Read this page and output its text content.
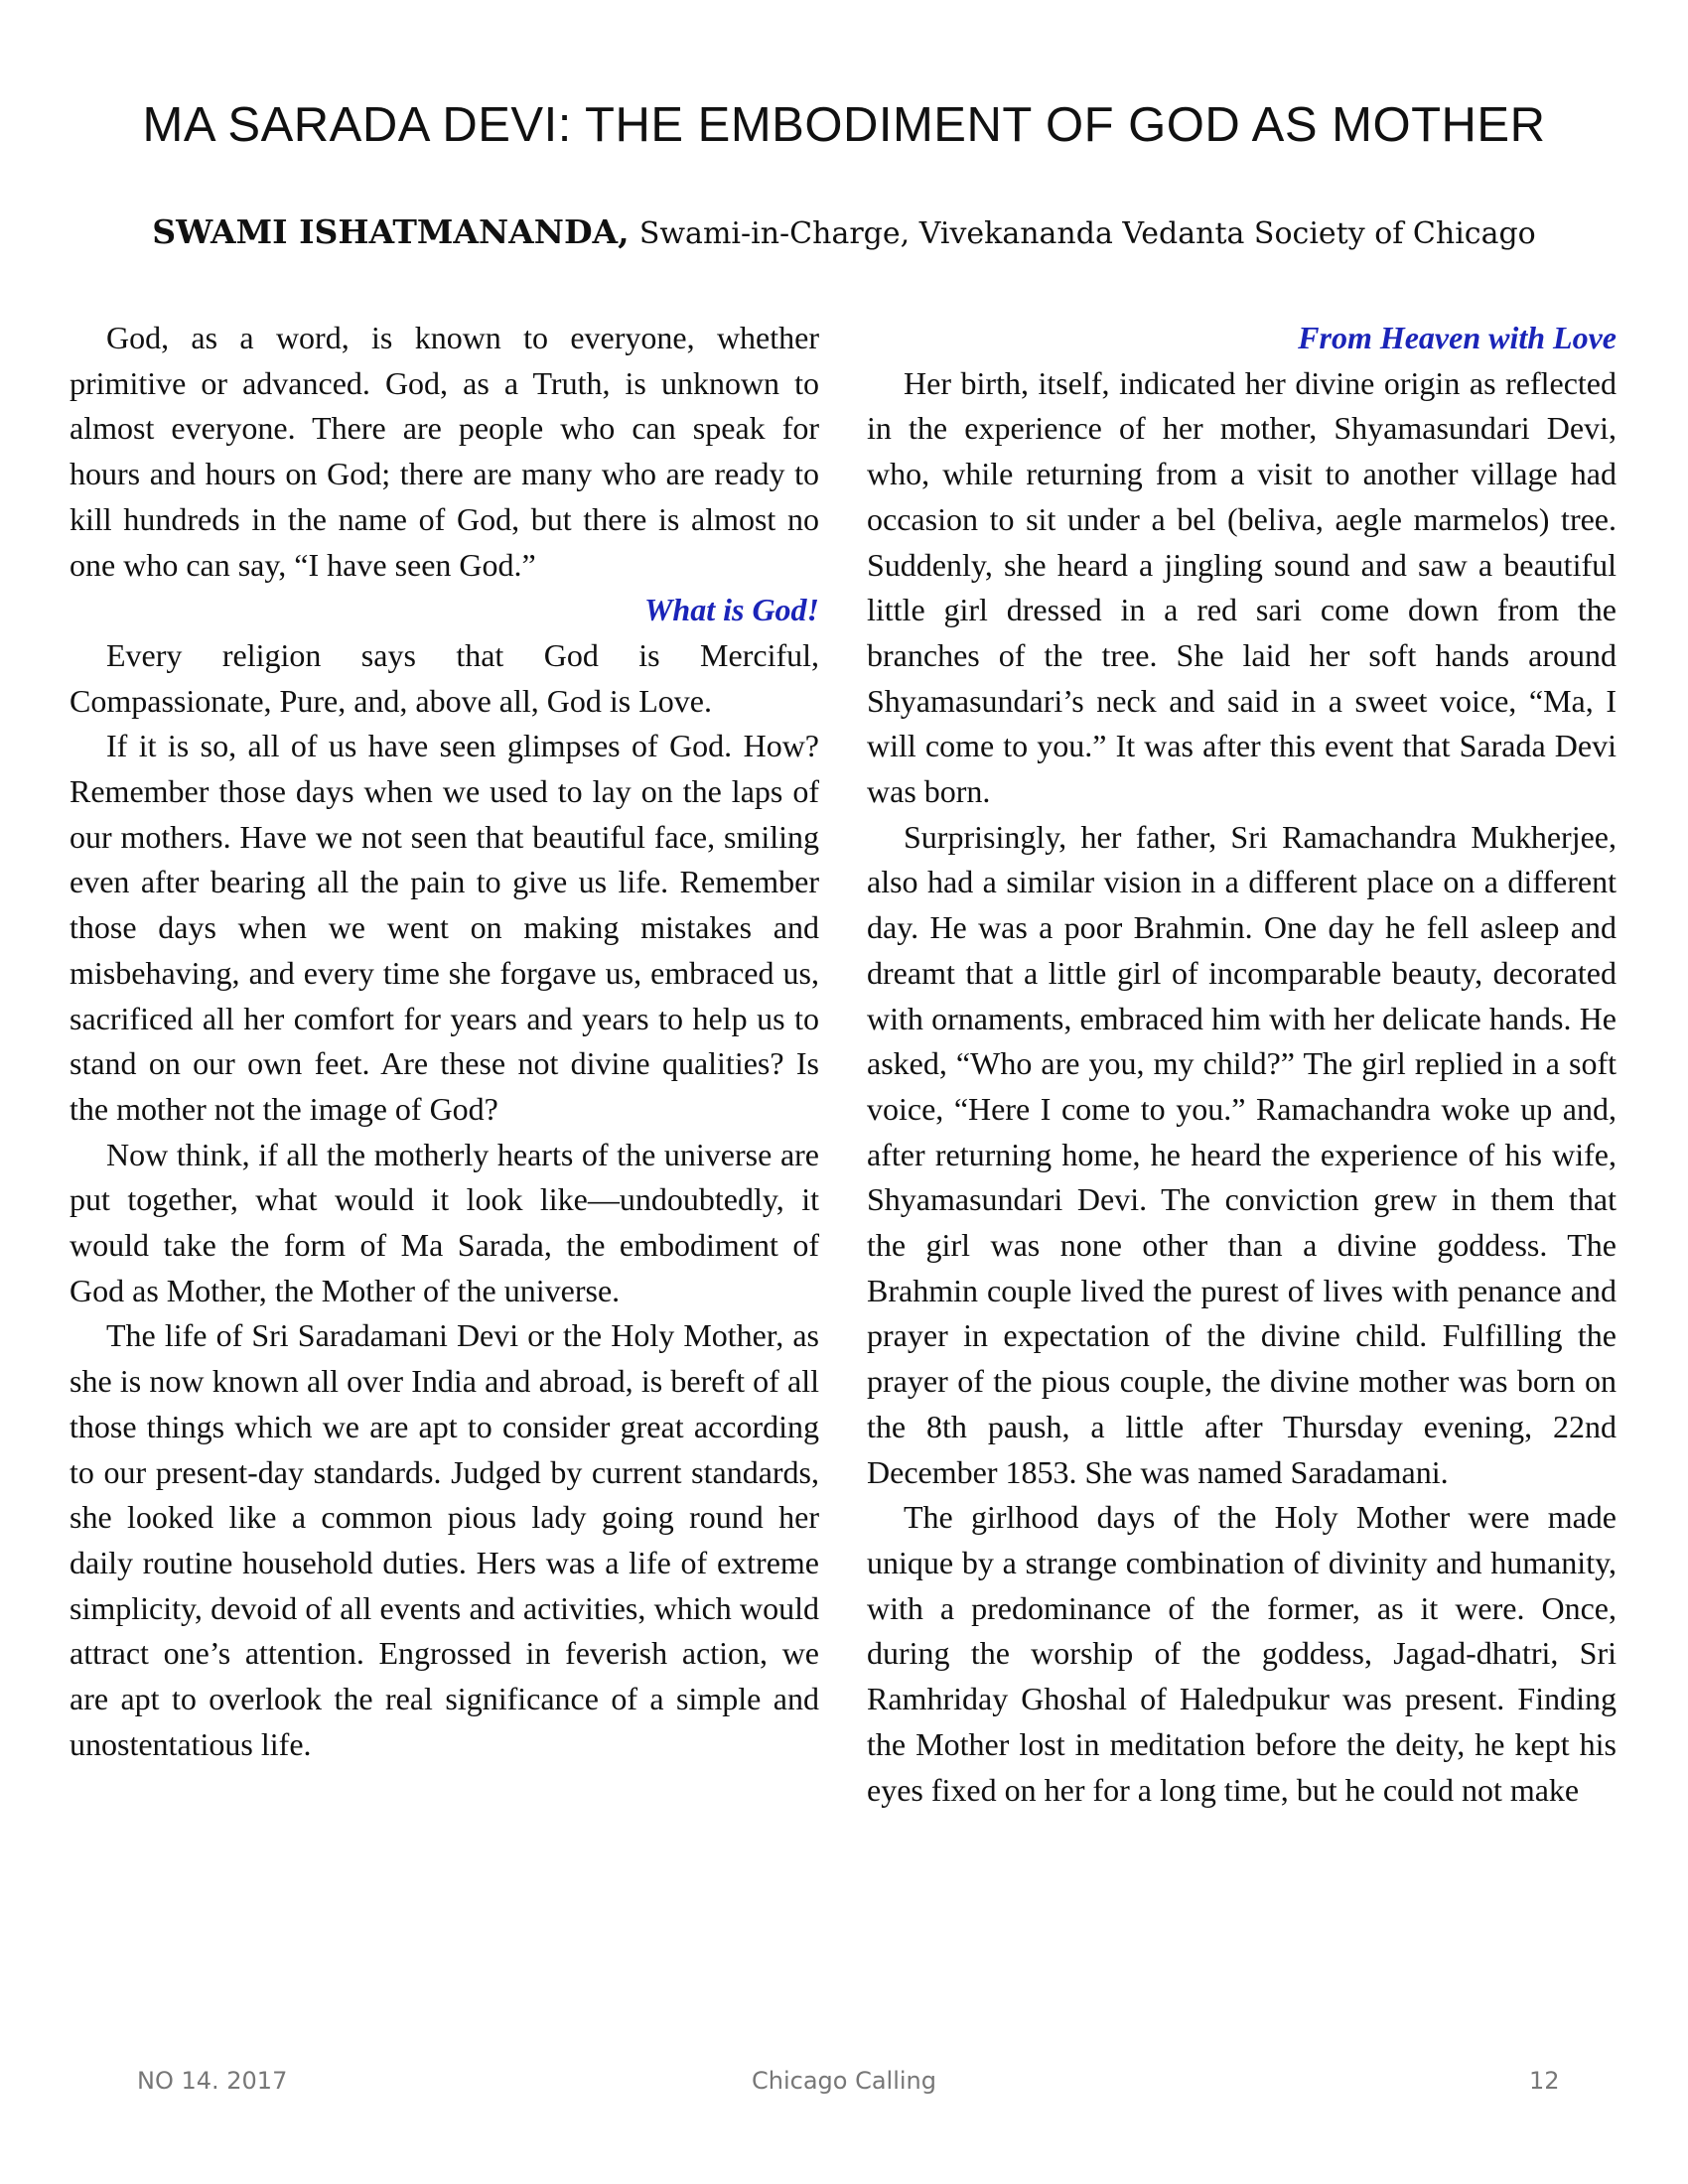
MA SARADA DEVI: THE EMBODIMENT OF GOD AS MOTHER
SWAMI ISHATMANANDA, Swami-in-Charge, Vivekananda Vedanta Society of Chicago

God, as a word, is known to everyone, whether primitive or advanced. God, as a Truth, is unknown to almost everyone. There are people who can speak for hours and hours on God; there are many who are ready to kill hundreds in the name of God, but there is almost no one who can say, “I have seen God.”

What is God!

Every religion says that God is Merciful, Compassionate, Pure, and, above all, God is Love.

If it is so, all of us have seen glimpses of God. How? Remember those days when we used to lay on the laps of our mothers. Have we not seen that beautiful face, smiling even after bearing all the pain to give us life. Remember those days when we went on making mistakes and misbehaving, and every time she forgave us, embraced us, sacrificed all her comfort for years and years to help us to stand on our own feet. Are these not divine qualities? Is the mother not the image of God?

Now think, if all the motherly hearts of the universe are put together, what would it look like—undoubtedly, it would take the form of Ma Sarada, the embodiment of God as Mother, the Mother of the universe.

The life of Sri Saradamani Devi or the Holy Mother, as she is now known all over India and abroad, is bereft of all those things which we are apt to consider great according to our present-day standards. Judged by current standards, she looked like a common pious lady going round her daily routine household duties. Hers was a life of extreme simplicity, devoid of all events and activities, which would attract one’s attention. Engrossed in feverish action, we are apt to overlook the real significance of a simple and unostentatious life.

From Heaven with Love

Her birth, itself, indicated her divine origin as reflected in the experience of her mother, Shyamasundari Devi, who, while returning from a visit to another village had occasion to sit under a bel (beliva, aegle marmelos) tree. Suddenly, she heard a jingling sound and saw a beautiful little girl dressed in a red sari come down from the branches of the tree. She laid her soft hands around Shyamasundari’s neck and said in a sweet voice, “Ma, I will come to you.” It was after this event that Sarada Devi was born.

Surprisingly, her father, Sri Ramachandra Mukherjee, also had a similar vision in a different place on a different day. He was a poor Brahmin. One day he fell asleep and dreamt that a little girl of incomparable beauty, decorated with ornaments, embraced him with her delicate hands. He asked, “Who are you, my child?” The girl replied in a soft voice, “Here I come to you.” Ramachandra woke up and, after returning home, he heard the experience of his wife, Shyamasundari Devi. The conviction grew in them that the girl was none other than a divine goddess. The Brahmin couple lived the purest of lives with penance and prayer in expectation of the divine child. Fulfilling the prayer of the pious couple, the divine mother was born on the 8th paush, a little after Thursday evening, 22nd December 1853. She was named Saradamani.

The girlhood days of the Holy Mother were made unique by a strange combination of divinity and humanity, with a predominance of the former, as it were. Once, during the worship of the goddess, Jagad-dhatri, Sri Ramhriday Ghoshal of Haledpukur was present. Finding the Mother lost in meditation before the deity, he kept his eyes fixed on her for a long time, but he could not make

NO 14. 2017	Chicago Calling	12
